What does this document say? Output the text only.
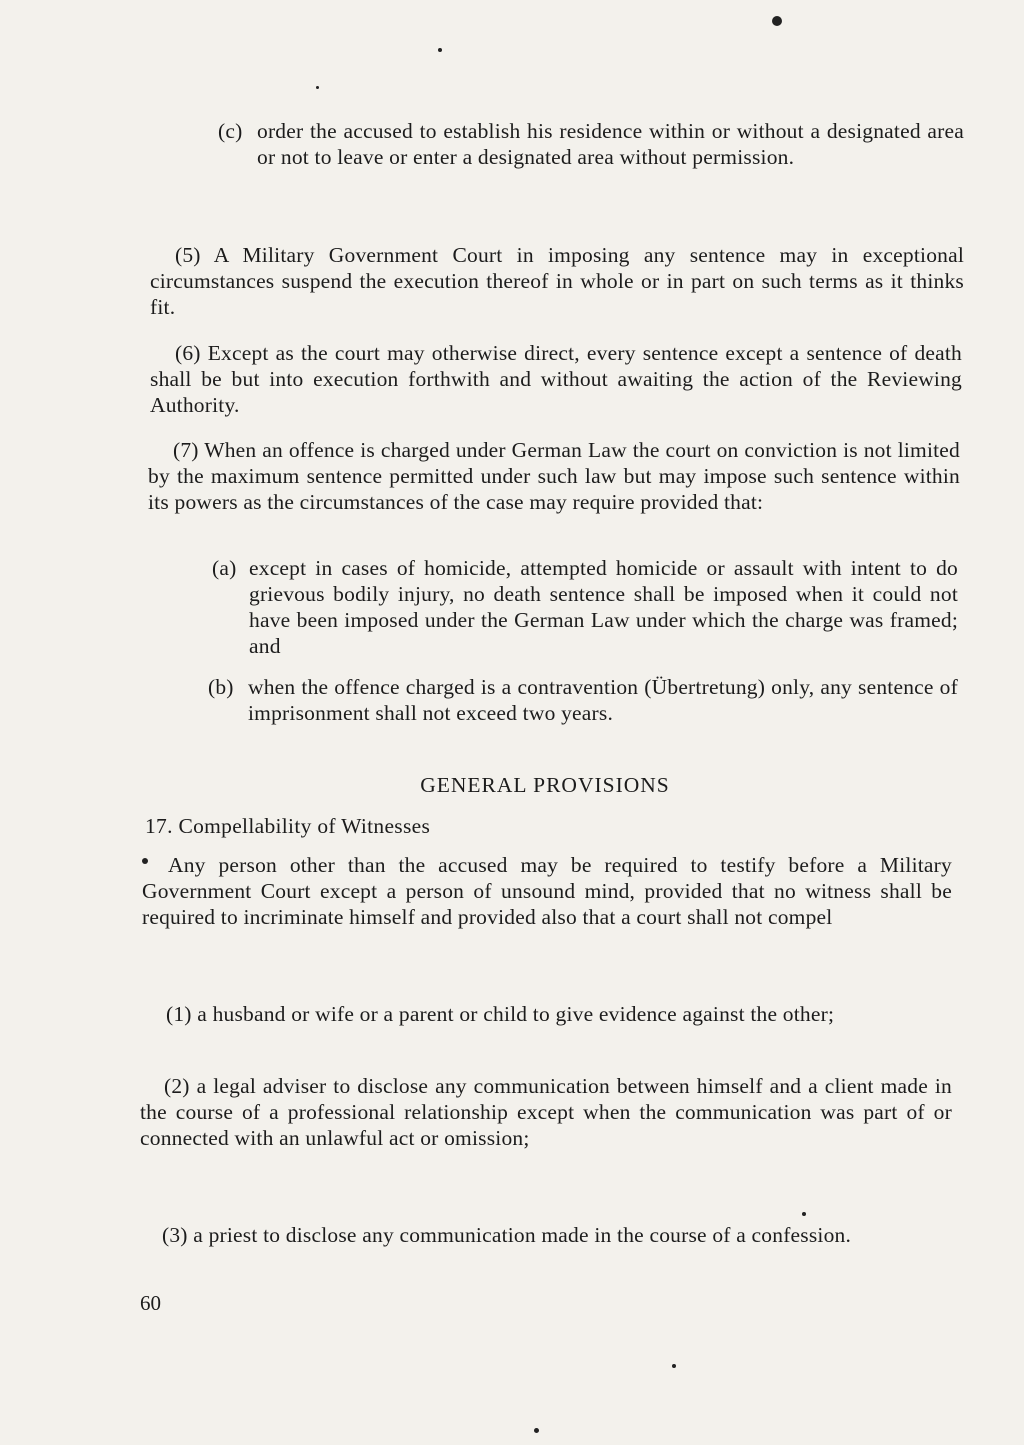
(c) order the accused to establish his residence within or without a designated area or not to leave or enter a designated area without permission.

(5) A Military Government Court in imposing any sentence may in exceptional circumstances suspend the execution thereof in whole or in part on such terms as it thinks fit.

(6) Except as the court may otherwise direct, every sentence except a sentence of death shall be but into execution forthwith and without awaiting the action of the Reviewing Authority.

(7) When an offence is charged under German Law the court on conviction is not limited by the maximum sentence permitted under such law but may impose such sentence within its powers as the circumstances of the case may require provided that:

(a) except in cases of homicide, attempted homicide or assault with intent to do grievous bodily injury, no death sentence shall be imposed when it could not have been imposed under the German Law under which the charge was framed; and
(b) when the offence charged is a contravention (Übertretung) only, any sentence of imprisonment shall not exceed two years.
GENERAL PROVISIONS
17. Compellability of Witnesses

Any person other than the accused may be required to testify before a Military Government Court except a person of unsound mind, provided that no witness shall be required to incriminate himself and provided also that a court shall not compel

(1) a husband or wife or a parent or child to give evidence against the other;

(2) a legal adviser to disclose any communication between himself and a client made in the course of a professional relationship except when the communication was part of or connected with an unlawful act or omission;

(3) a priest to disclose any communication made in the course of a confession.

60
